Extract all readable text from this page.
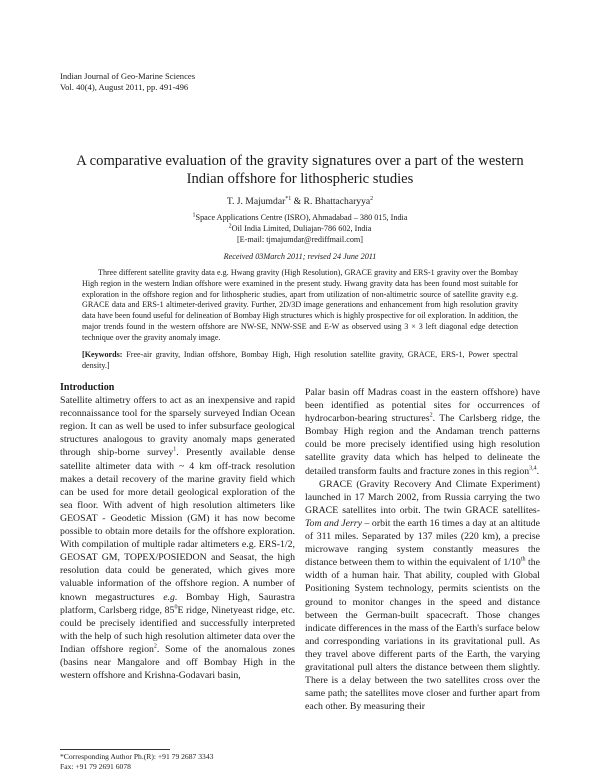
Indian Journal of Geo-Marine Sciences
Vol. 40(4), August 2011, pp. 491-496
A comparative evaluation of the gravity signatures over a part of the western Indian offshore for lithospheric studies
T. J. Majumdar$^{*1}$ & R. Bhattacharyya$^2$
$^1$Space Applications Centre (ISRO), Ahmadabad – 380 015, India
$^2$Oil India Limited, Duliajan-786 602, India
[E-mail: tjmajumdar@rediffmail.com]
Received 03March 2011; revised 24 June 2011
Three different satellite gravity data e.g. Hwang gravity (High Resolution), GRACE gravity and ERS-1 gravity over the Bombay High region in the western Indian offshore were examined in the present study. Hwang gravity data has been found most suitable for exploration in the offshore region and for lithospheric studies, apart from utilization of non-altimetric source of satellite gravity e.g. GRACE data and ERS-1 altimeter-derived gravity. Further, 2D/3D image generations and enhancement from high resolution gravity data have been found useful for delineation of Bombay High structures which is highly prospective for oil exploration. In addition, the major trends found in the western offshore are NW-SE, NNW-SSE and E-W as observed using 3 × 3 left diagonal edge detection technique over the gravity anomaly image.
[Keywords: Free-air gravity, Indian offshore, Bombay High, High resolution satellite gravity, GRACE, ERS-1, Power spectral density.]

Introduction

Satellite altimetry offers to act as an inexpensive and rapid reconnaissance tool for the sparsely surveyed Indian Ocean region. It can as well be used to infer subsurface geological structures analogous to gravity anomaly maps generated through ship-borne survey$^1$. Presently available dense satellite altimeter data with ~ 4 km off-track resolution makes a detail recovery of the marine gravity field which can be used for more detail geological exploration of the sea floor. With advent of high resolution altimeters like GEOSAT - Geodetic Mission (GM) it has now become possible to obtain more details for the offshore exploration. With compilation of multiple radar altimeters e.g. ERS-1/2, GEOSAT GM, TOPEX/POSIEDON and Seasat, the high resolution data could be generated, which gives more valuable information of the offshore region. A number of known megastructures e.g. Bombay High, Saurastra platform, Carlsberg ridge, $85^0E$ ridge, Ninetyeast ridge, etc. could be precisely identified and successfully interpreted with the help of such high resolution altimeter data over the Indian offshore region$^2$. Some of the anomalous zones (basins near Mangalore and off Bombay High in the western offshore and Krishna-Godavari basin,

Palar basin off Madras coast in the eastern offshore) have been identified as potential sites for occurrences of hydrocarbon-bearing structures$^2$. The Carlsberg ridge, the Bombay High region and the Andaman trench patterns could be more precisely identified using high resolution satellite gravity data which has helped to delineate the detailed transform faults and fracture zones in this region$^{3,4}$.

GRACE (Gravity Recovery And Climate Experiment) launched in 17 March 2002, from Russia carrying the two GRACE satellites into orbit. The twin GRACE satellites- Tom and Jerry – orbit the earth 16 times a day at an altitude of 311 miles. Separated by 137 miles (220 km), a precise microwave ranging system constantly measures the distance between them to within the equivalent of 1/10th the width of a human hair. That ability, coupled with Global Positioning System technology, permits scientists on the ground to monitor changes in the speed and distance between the German-built spacecraft. Those changes indicate differences in the mass of the Earth's surface below and corresponding variations in its gravitational pull. As they travel above different parts of the Earth, the varying gravitational pull alters the distance between them slightly. There is a delay between the two satellites cross over the same path; the satellites move closer and further apart from each other. By measuring their

*Corresponding Author Ph.(R): +91 79 2687 3343
Fax: +91 79 2691 6078
